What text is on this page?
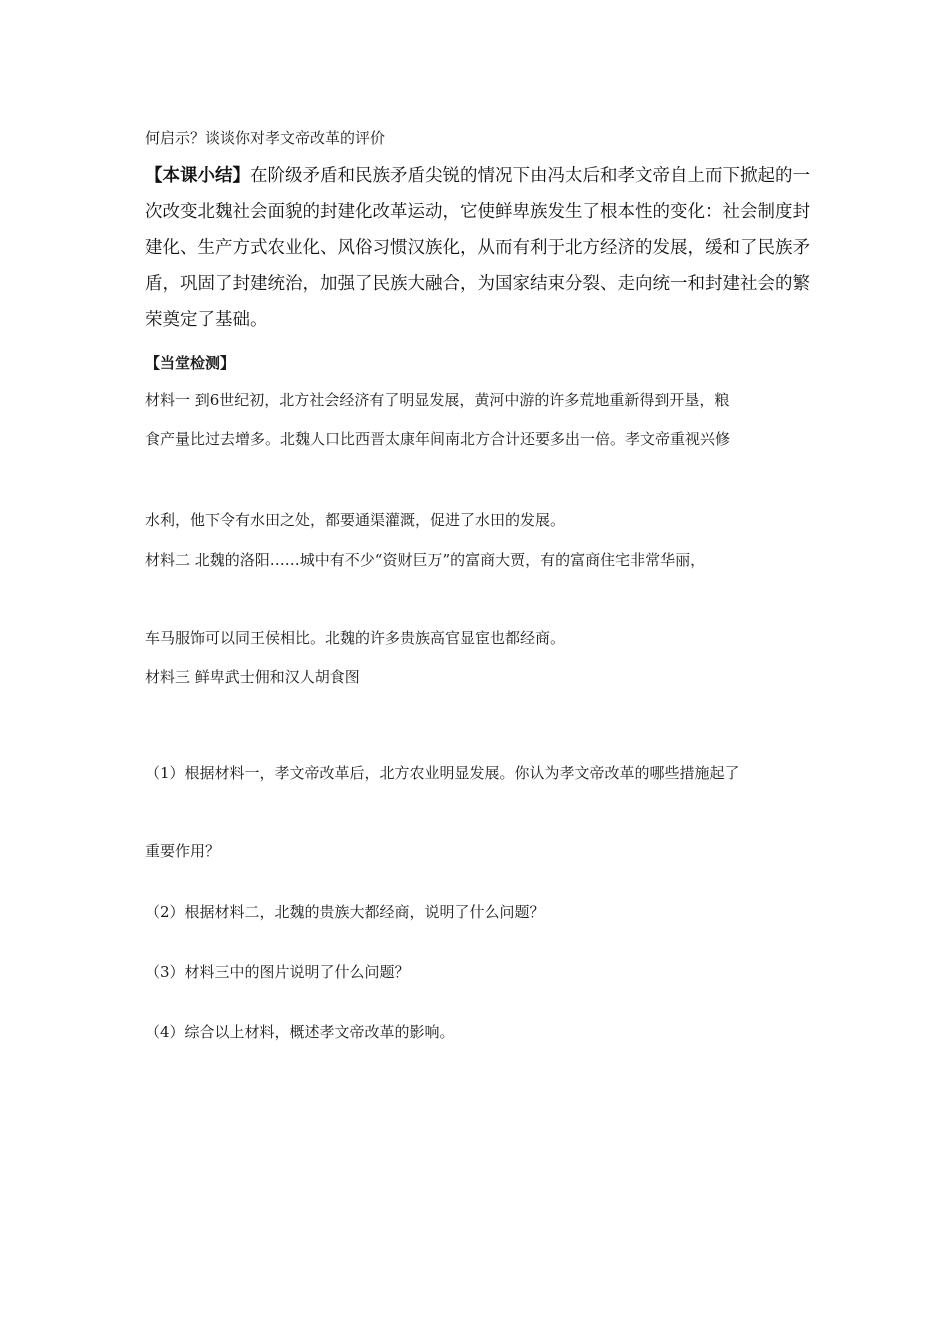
何启示？谈谈你对孝文帝改革的评价
【本课小结】在阶级矛盾和民族矛盾尖锐的情况下由冯太后和孝文帝自上而下掀起的一次改变北魏社会面貌的封建化改革运动，它使鲜卑族发生了根本性的变化：社会制度封建化、生产方式农业化、风俗习惯汉族化，从而有利于北方经济的发展，缓和了民族矛盾，巩固了封建统治，加强了民族大融合，为国家结束分裂、走向统一和封建社会的繁荣奠定了基础。
【当堂检测】
材料一 到6世纪初，北方社会经济有了明显发展，黄河中游的许多荒地重新得到开垦，粮
食产量比过去增多。北魏人口比西晋太康年间南北方合计还要多出一倍。孝文帝重视兴修
水利，他下令有水田之处，都要通渠灌溉，促进了水田的发展。
材料二 北魏的洛阳……城中有不少“资财巨万”的富商大贾，有的富商住宅非常华丽，
车马服饰可以同王侯相比。北魏的许多贵族高官显宦也都经商。
材料三 鲜卑武士佣和汉人胡食图
（1）根据材料一，孝文帝改革后，北方农业明显发展。你认为孝文帝改革的哪些措施起了
重要作用？
（2）根据材料二，北魏的贵族大都经商，说明了什么问题？
（3）材料三中的图片说明了什么问题？
（4）综合以上材料，概述孝文帝改革的影响。
